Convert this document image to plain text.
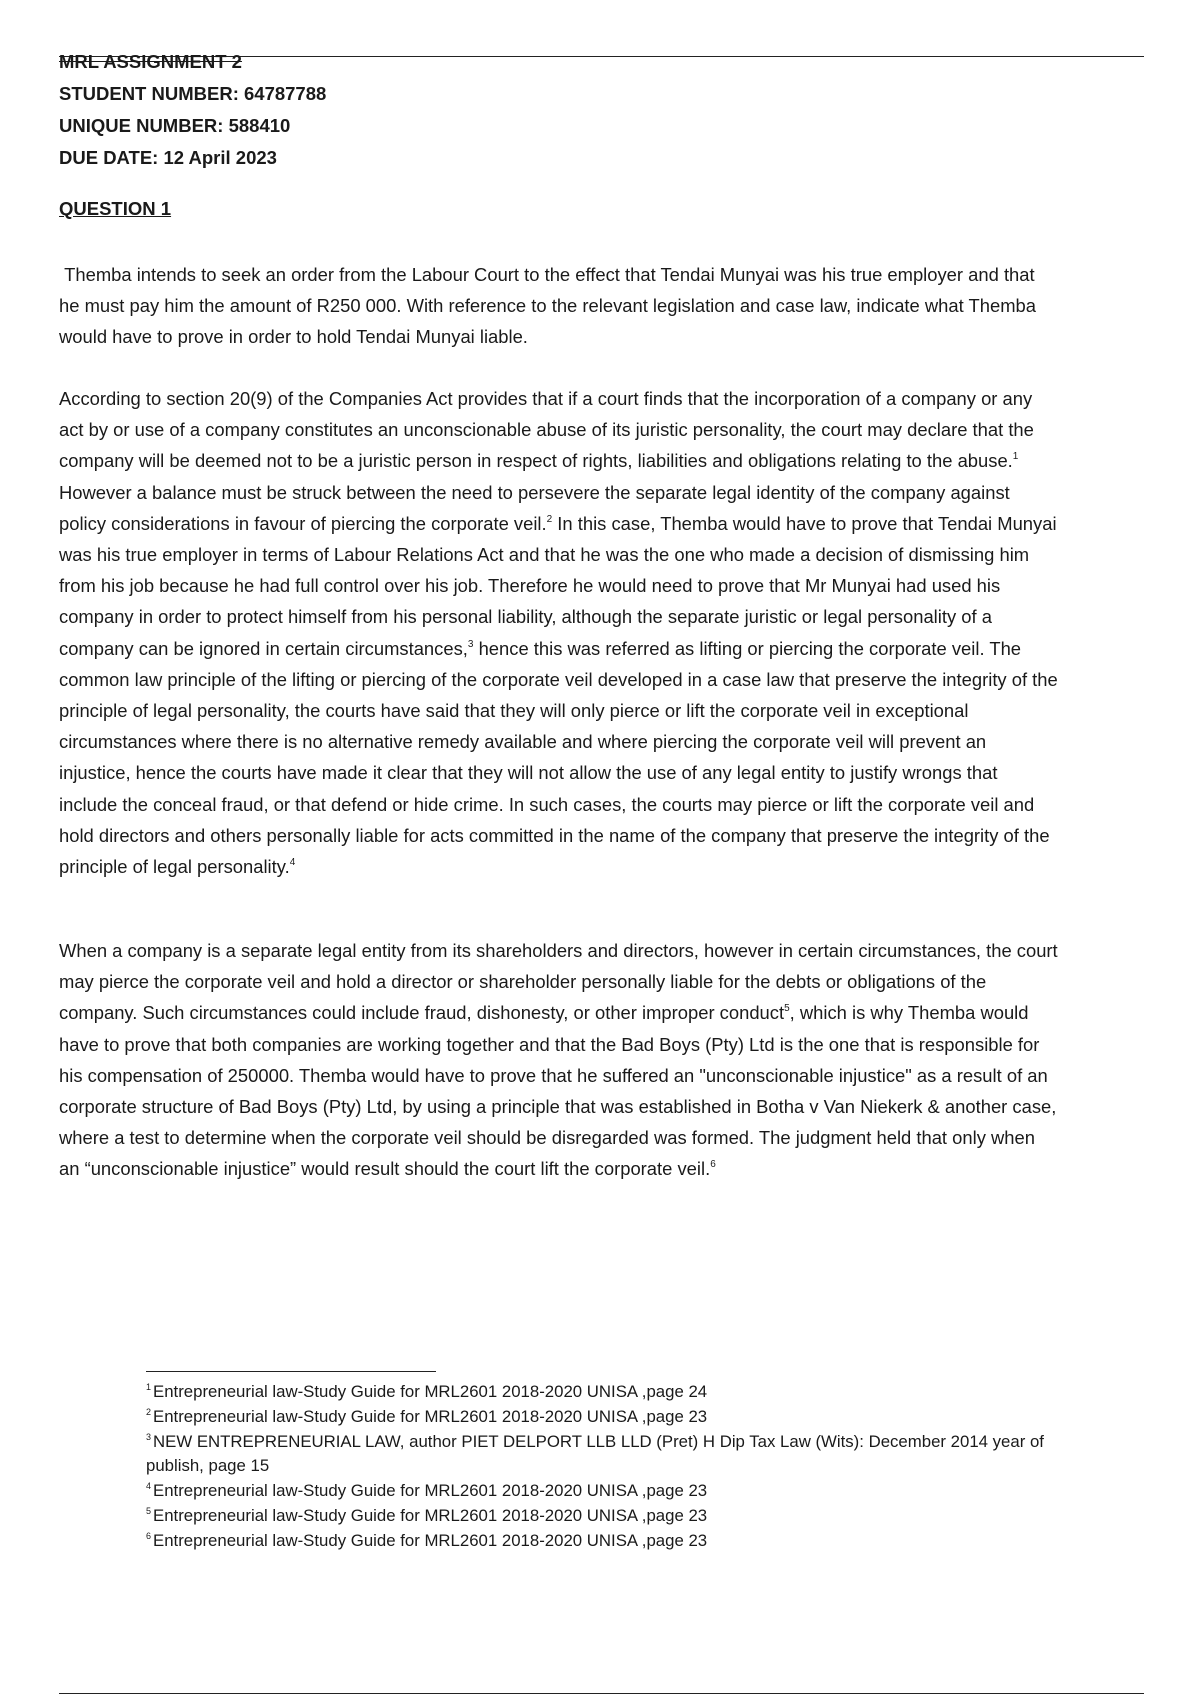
MRL ASSIGNMENT 2
STUDENT NUMBER: 64787788
UNIQUE NUMBER: 588410
DUE DATE: 12 April 2023
QUESTION 1

Themba intends to seek an order from the Labour Court to the effect that Tendai Munyai was his true employer and that he must pay him the amount of R250 000. With reference to the relevant legislation and case law, indicate what Themba would have to prove in order to hold Tendai Munyai liable.

According to section 20(9) of the Companies Act provides that if a court finds that the incorporation of a company or any act by or use of a company constitutes an unconscionable abuse of its juristic personality, the court may declare that the company will be deemed not to be a juristic person in respect of rights, liabilities and obligations relating to the abuse.$^1$ However a balance must be struck between the need to persevere the separate legal identity of the company against policy considerations in favour of piercing the corporate veil.$^2$ In this case, Themba would have to prove that Tendai Munyai was his true employer in terms of Labour Relations Act and that he was the one who made a decision of dismissing him from his job because he had full control over his job. Therefore he would need to prove that Mr Munyai had used his company in order to protect himself from his personal liability, although the separate juristic or legal personality of a company can be ignored in certain circumstances,$^3$ hence this was referred as lifting or piercing the corporate veil. The common law principle of the lifting or piercing of the corporate veil developed in a case law that preserve the integrity of the principle of legal personality, the courts have said that they will only pierce or lift the corporate veil in exceptional circumstances where there is no alternative remedy available and where piercing the corporate veil will prevent an injustice, hence the courts have made it clear that they will not allow the use of any legal entity to justify wrongs that include the conceal fraud, or that defend or hide crime. In such cases, the courts may pierce or lift the corporate veil and hold directors and others personally liable for acts committed in the name of the company that preserve the integrity of the principle of legal personality.$^4$

When a company is a separate legal entity from its shareholders and directors, however in certain circumstances, the court may pierce the corporate veil and hold a director or shareholder personally liable for the debts or obligations of the company. Such circumstances could include fraud, dishonesty, or other improper conduct$^5$, which is why Themba would have to prove that both companies are working together and that the Bad Boys (Pty) Ltd is the one that is responsible for his compensation of 250000. Themba would have to prove that he suffered an "unconscionable injustice" as a result of an corporate structure of Bad Boys (Pty) Ltd, by using a principle that was established in Botha v Van Niekerk & another case, where a test to determine when the corporate veil should be disregarded was formed. The judgment held that only when an “unconscionable injustice” would result should the court lift the corporate veil.$^6$

$^1$ Entrepreneurial law-Study Guide for MRL2601 2018-2020 UNISA ,page 24

$^2$ Entrepreneurial law-Study Guide for MRL2601 2018-2020 UNISA ,page 23

$^3$ NEW ENTREPRENEURIAL LAW, author PIET DELPORT LLB LLD (Pret) H Dip Tax Law (Wits): December 2014 year of publish, page 15

$^4$ Entrepreneurial law-Study Guide for MRL2601 2018-2020 UNISA ,page 23

$^5$ Entrepreneurial law-Study Guide for MRL2601 2018-2020 UNISA ,page 23

$^6$ Entrepreneurial law-Study Guide for MRL2601 2018-2020 UNISA ,page 23
